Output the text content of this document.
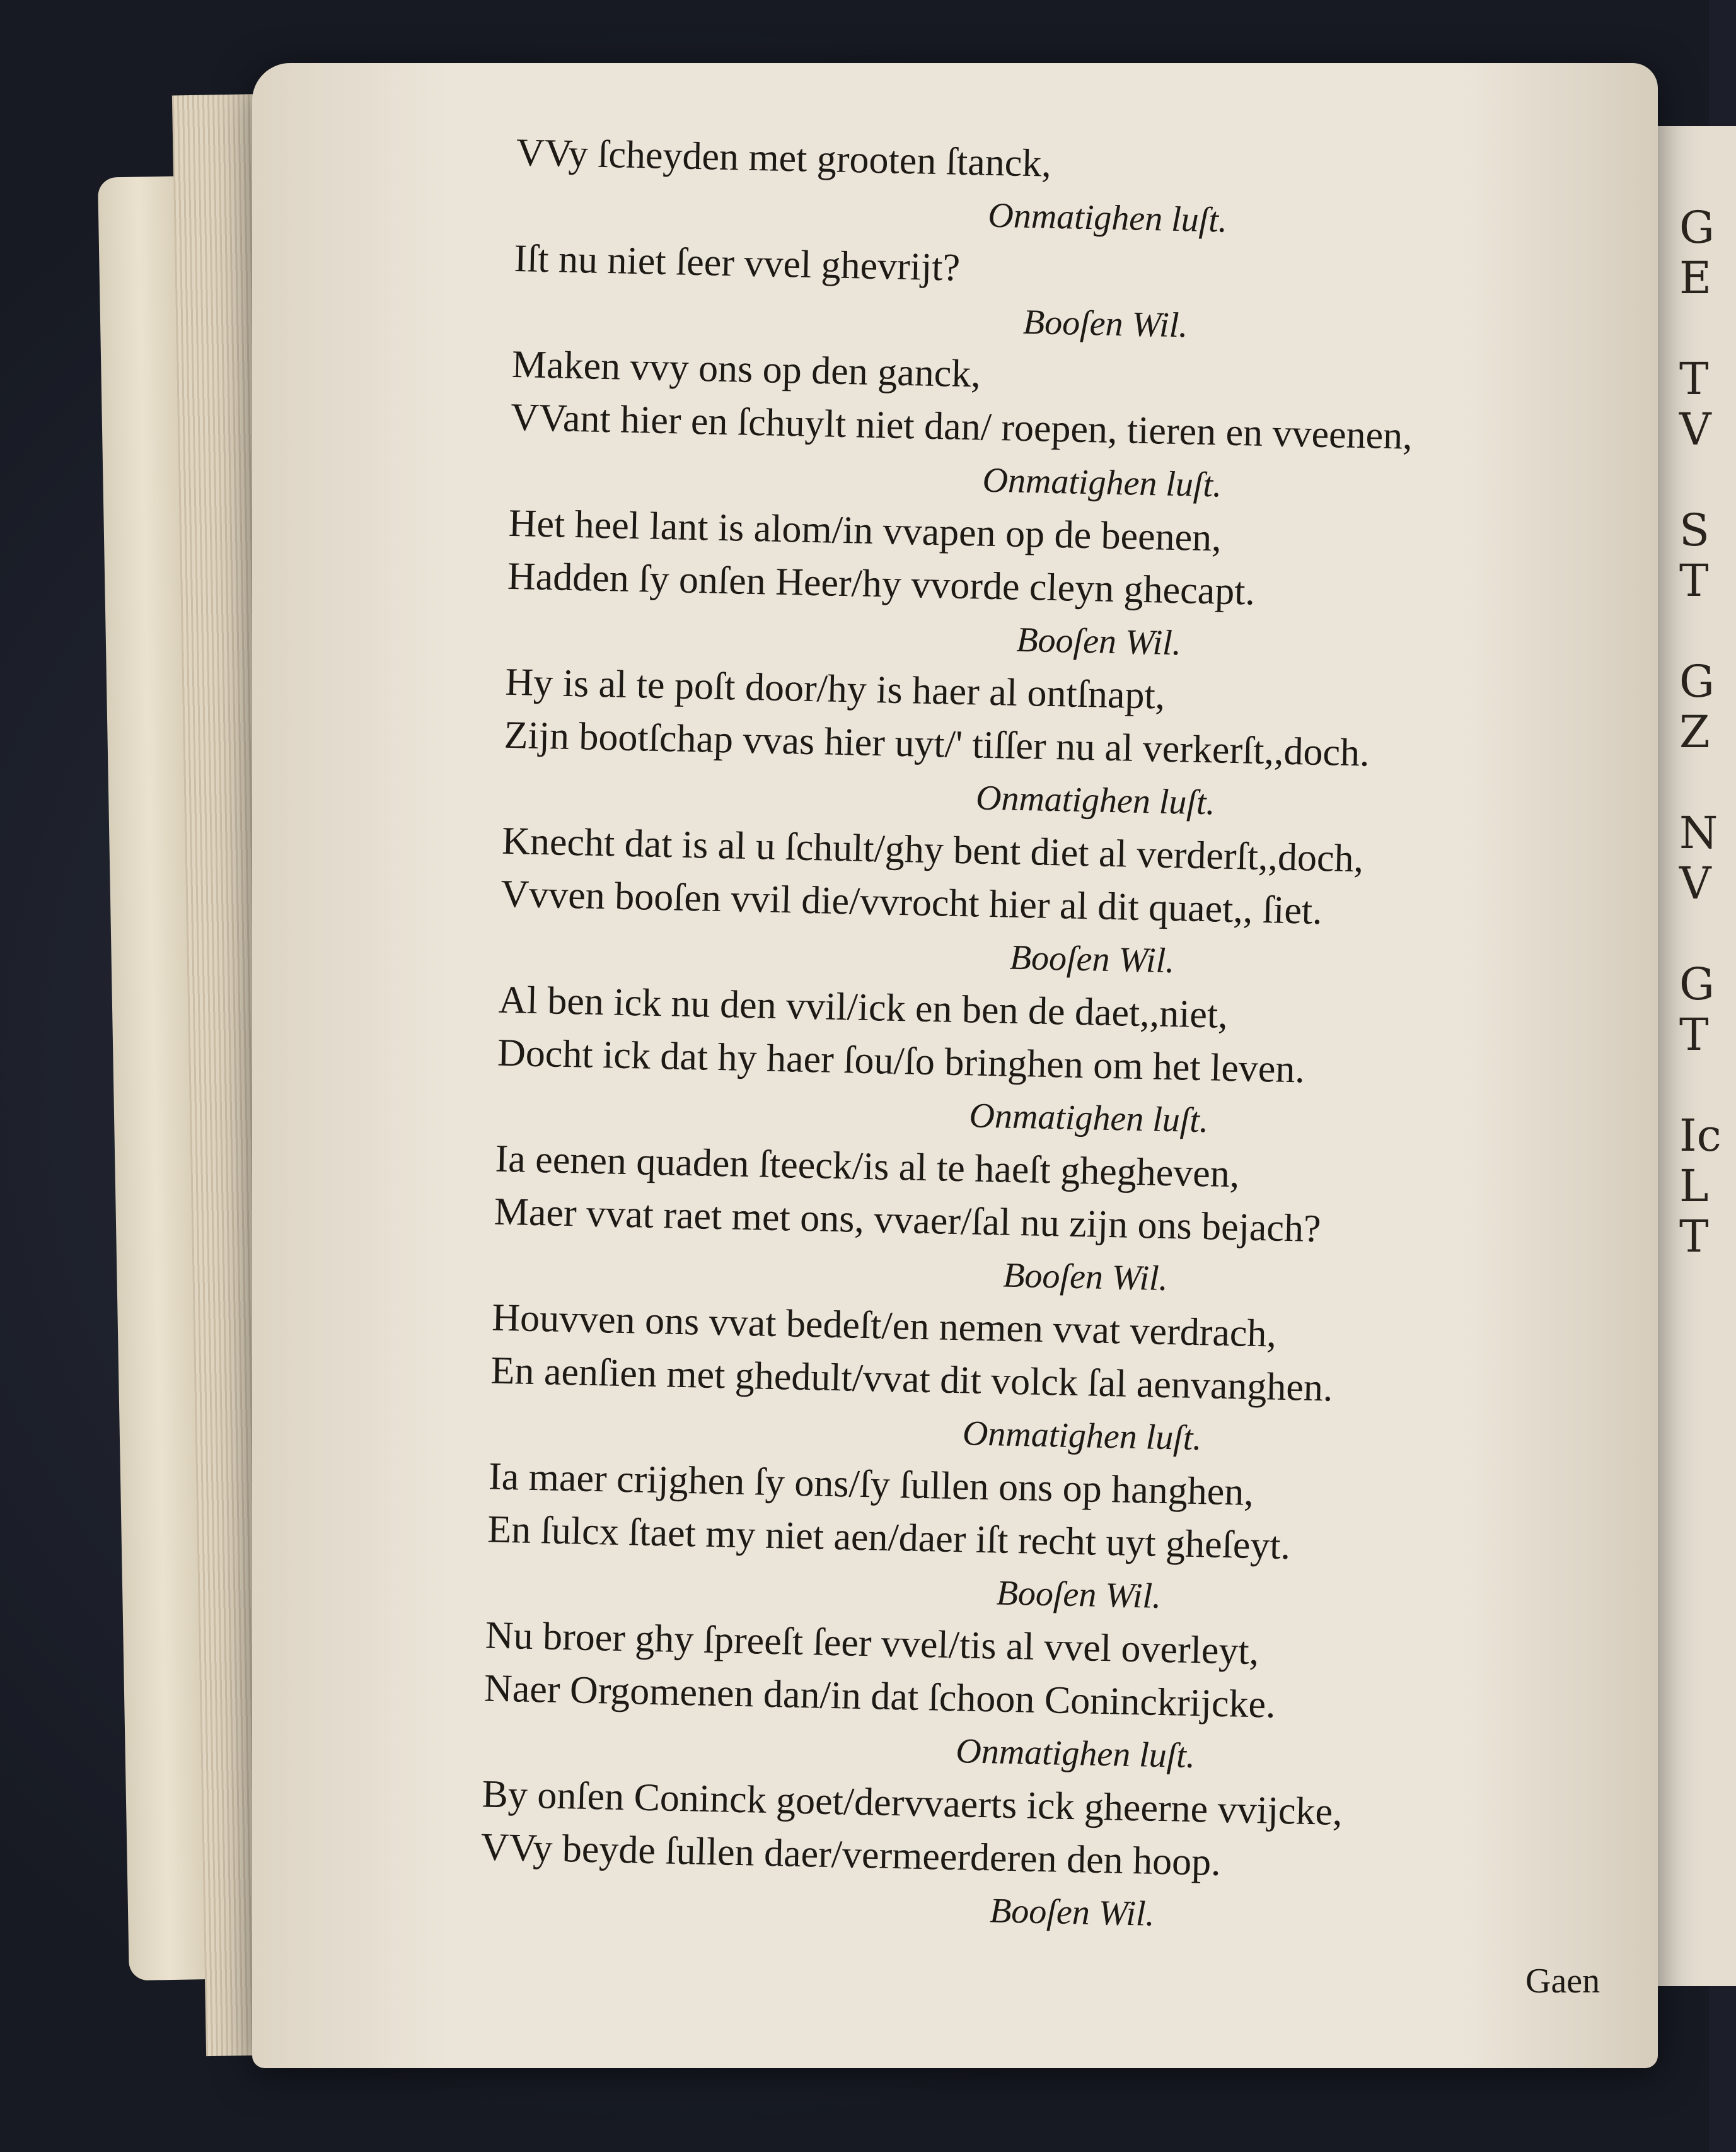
G
E
T
V
S
T
G
Z
N
V
G
T
Ic
L
T
VVy ſcheyden met grooten ſtanck,
Onmatighen luſt.
Iſt nu niet ſeer vvel ghevrijt?
Booſen Wil.
Maken vvy ons op den ganck,
VVant hier en ſchuylt niet dan/ roepen, tieren en vveenen,
Onmatighen luſt.
Het heel lant is alom/in vvapen op de beenen,
Hadden ſy onſen Heer/hy vvorde cleyn ghecapt.
Booſen Wil.
Hy is al te poſt door/hy is haer al ontſnapt,
Zijn bootſchap vvas hier uyt/' tiſſer nu al verkerſt,,doch.
Onmatighen luſt.
Knecht dat is al u ſchult/ghy bent diet al verderſt,,doch,
Vvven booſen vvil die/vvrocht hier al dit quaet,, ſiet.
Booſen Wil.
Al ben ick nu den vvil/ick en ben de daet,,niet,
Docht ick dat hy haer ſou/ſo bringhen om het leven.
Onmatighen luſt.
Ia eenen quaden ſteeck/is al te haeſt ghegheven,
Maer vvat raet met ons, vvaer/ſal nu zijn ons bejach?
Booſen Wil.
Houvven ons vvat bedeſt/en nemen vvat verdrach,
En aenſien met ghedult/vvat dit volck ſal aenvanghen.
Onmatighen luſt.
Ia maer crijghen ſy ons/ſy ſullen ons op hanghen,
En ſulcx ſtaet my niet aen/daer iſt recht uyt gheſeyt.
Booſen Wil.
Nu broer ghy ſpreeſt ſeer vvel/tis al vvel overleyt,
Naer Orgomenen dan/in dat ſchoon Coninckrijcke.
Onmatighen luſt.
By onſen Coninck goet/dervvaerts ick gheerne vvijcke,
VVy beyde ſullen daer/vermeerderen den hoop.
Booſen Wil.
Gaen
